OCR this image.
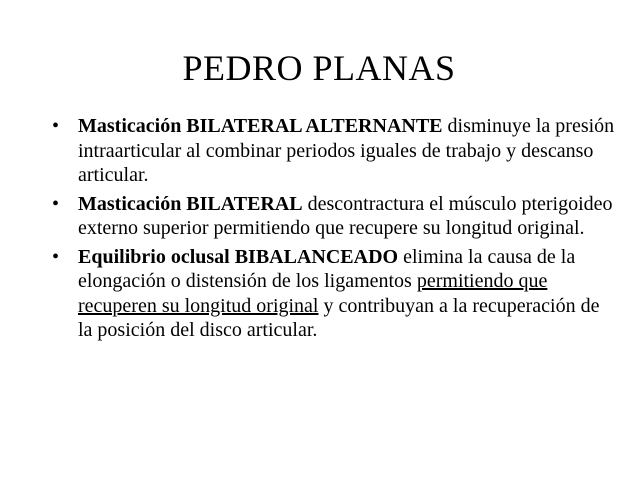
PEDRO PLANAS
• Masticación BILATERAL ALTERNANTE disminuye la presión intraarticular al combinar periodos iguales de trabajo y descanso articular.
• Masticación BILATERAL descontractura el músculo pterigoideo externo superior permitiendo que recupere su longitud original.
• Equilibrio oclusal BIBALANCEADO elimina la causa de la elongación o distensión de los ligamentos permitiendo que recuperen su longitud original y contribuyan a la recuperación de la posición del disco articular.
